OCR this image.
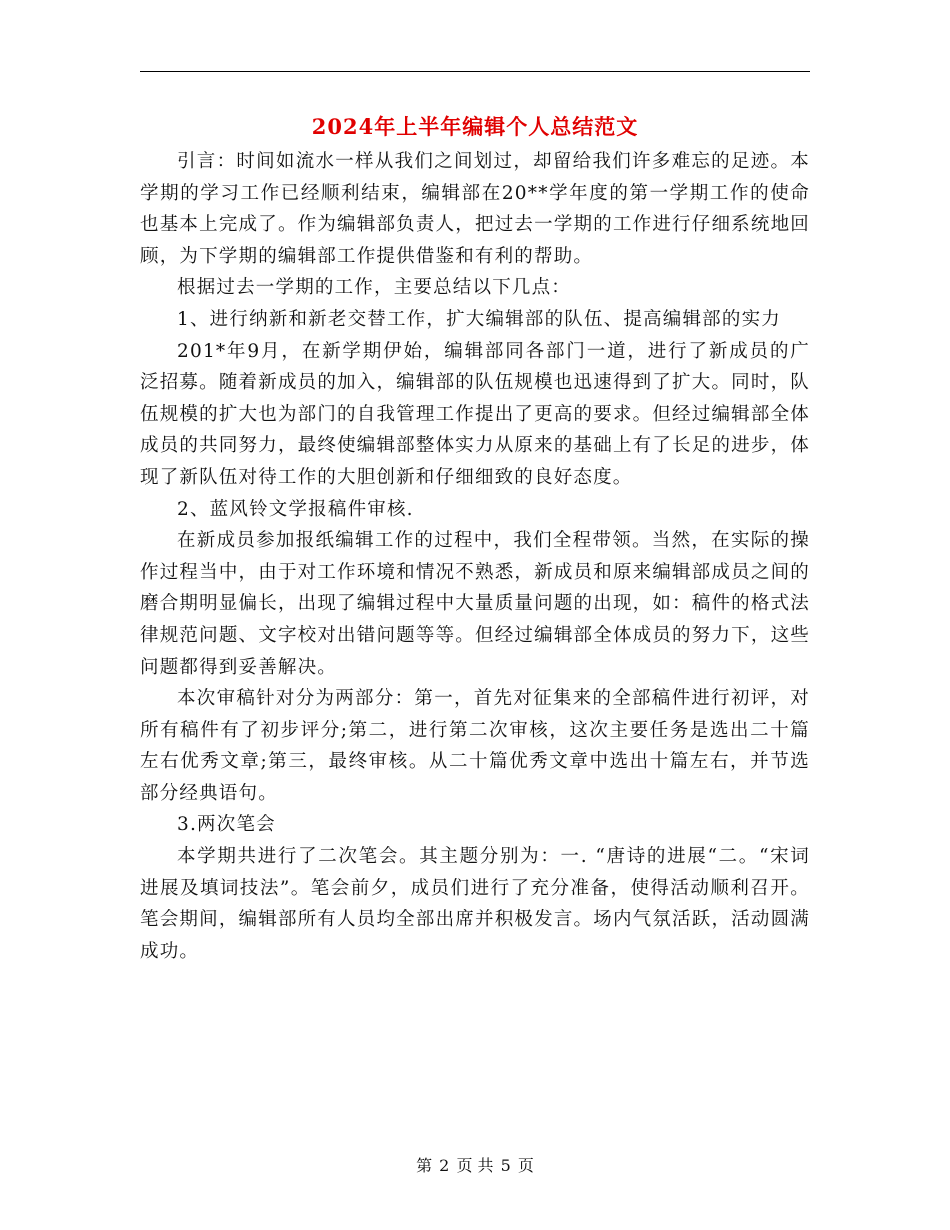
2024年上半年编辑个人总结范文

引言：时间如流水一样从我们之间划过，却留给我们许多难忘的足迹。本学期的学习工作已经顺利结束，编辑部在20**学年度的第一学期工作的使命也基本上完成了。作为编辑部负责人，把过去一学期的工作进行仔细系统地回顾，为下学期的编辑部工作提供借鉴和有利的帮助。

根据过去一学期的工作，主要总结以下几点：

1、进行纳新和新老交替工作，扩大编辑部的队伍、提高编辑部的实力

201*年9月，在新学期伊始，编辑部同各部门一道，进行了新成员的广泛招募。随着新成员的加入，编辑部的队伍规模也迅速得到了扩大。同时，队伍规模的扩大也为部门的自我管理工作提出了更高的要求。但经过编辑部全体成员的共同努力，最终使编辑部整体实力从原来的基础上有了长足的进步，体现了新队伍对待工作的大胆创新和仔细细致的良好态度。

2、蓝风铃文学报稿件审核.

在新成员参加报纸编辑工作的过程中，我们全程带领。当然，在实际的操作过程当中，由于对工作环境和情况不熟悉，新成员和原来编辑部成员之间的磨合期明显偏长，出现了编辑过程中大量质量问题的出现，如：稿件的格式法律规范问题、文字校对出错问题等等。但经过编辑部全体成员的努力下，这些问题都得到妥善解决。

本次审稿针对分为两部分：第一，首先对征集来的全部稿件进行初评，对所有稿件有了初步评分;第二，进行第二次审核，这次主要任务是选出二十篇左右优秀文章;第三，最终审核。从二十篇优秀文章中选出十篇左右，并节选部分经典语句。

3.两次笔会

本学期共进行了二次笔会。其主题分别为：一. “唐诗的进展“二。“宋词进展及填词技法”。笔会前夕，成员们进行了充分准备，使得活动顺利召开。笔会期间，编辑部所有人员均全部出席并积极发言。场内气氛活跃，活动圆满成功。

第 2 页 共 5 页
